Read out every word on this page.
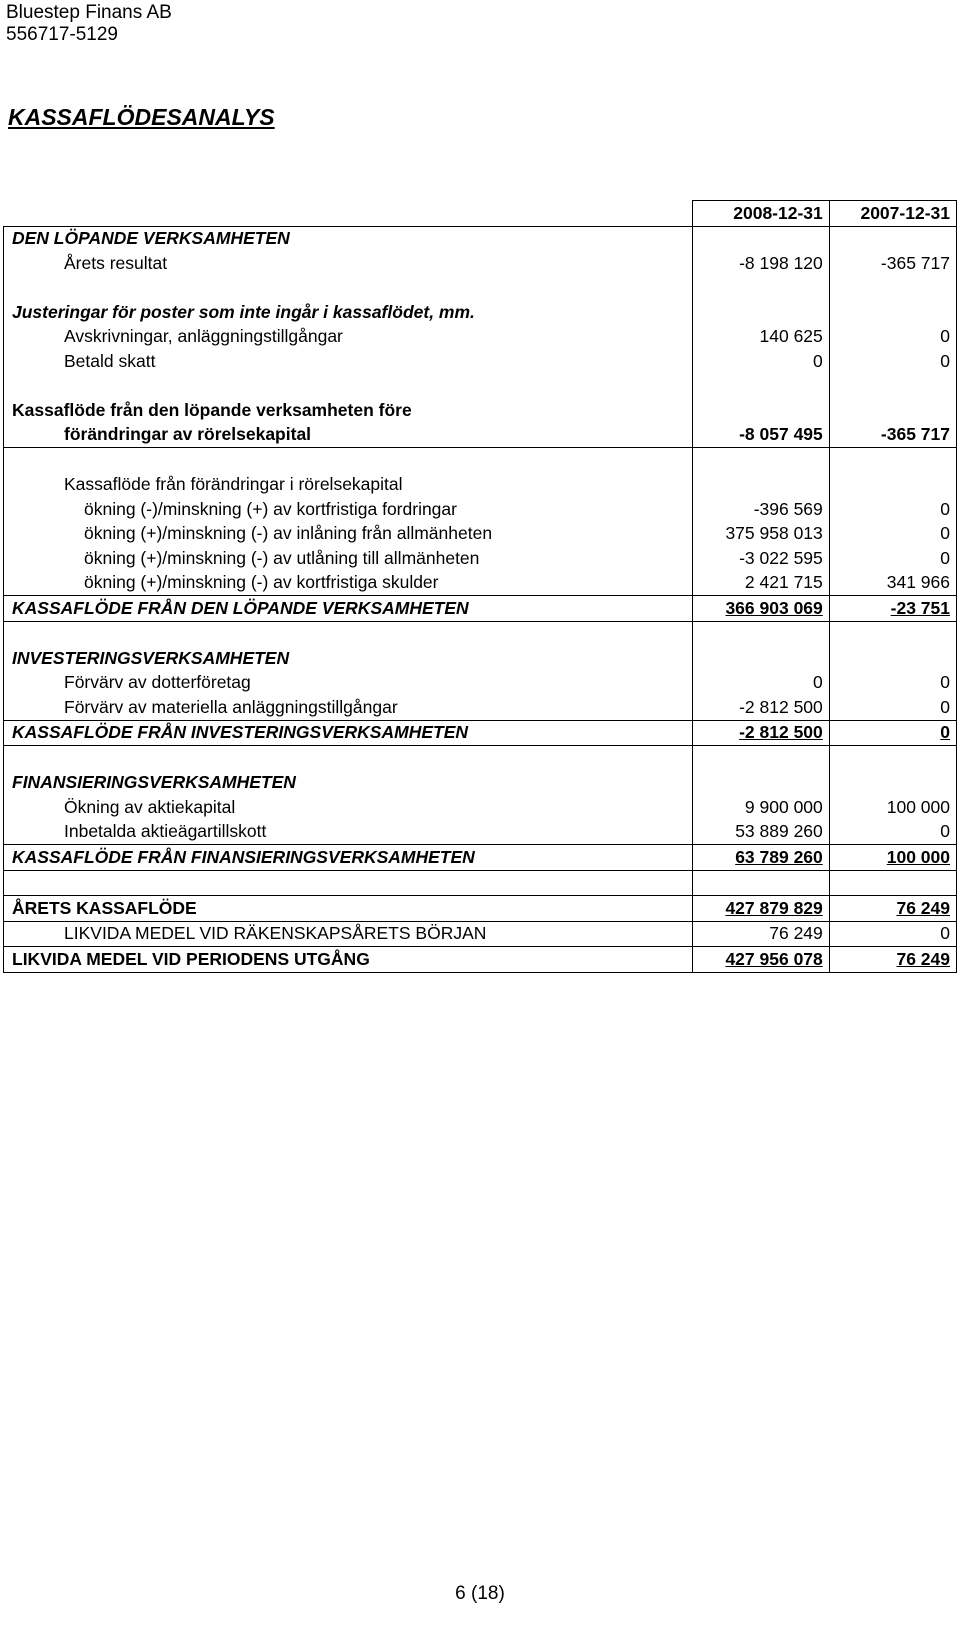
Bluestep Finans AB
556717-5129
KASSAFLÖDESANALYS
	2008-12-31	2007-12-31
DEN LÖPANDE VERKSAMHETEN		
Årets resultat	-8 198 120	-365 717

Justeringar för poster som inte ingår i kassaflödet, mm.		
Avskrivningar, anläggningstillgångar	140 625	0
Betald skatt	0	0

Kassaflöde från den löpande verksamheten före		
förändringar av rörelsekapital	-8 057 495	-365 717

Kassaflöde från förändringar i rörelsekapital		
ökning (-)/minskning (+) av kortfristiga fordringar	-396 569	0
ökning (+)/minskning (-) av inlåning från allmänheten	375 958 013	0
ökning (+)/minskning (-) av utlåning till allmänheten	-3 022 595	0
ökning (+)/minskning (-) av kortfristiga skulder	2 421 715	341 966
KASSAFLÖDE FRÅN DEN LÖPANDE VERKSAMHETEN	366 903 069	-23 751

INVESTERINGSVERKSAMHETEN		
Förvärv av dotterföretag	0	0
Förvärv av materiella anläggningstillgångar	-2 812 500	0
KASSAFLÖDE FRÅN INVESTERINGSVERKSAMHETEN	-2 812 500	0

FINANSIERINGSVERKSAMHETEN		
Ökning av aktiekapital	9 900 000	100 000
Inbetalda aktieägartillskott	53 889 260	0
KASSAFLÖDE FRÅN FINANSIERINGSVERKSAMHETEN	63 789 260	100 000

ÅRETS KASSAFLÖDE	427 879 829	76 249
LIKVIDA MEDEL VID RÄKENSKAPSÅRETS BÖRJAN	76 249	0
LIKVIDA MEDEL VID PERIODENS UTGÅNG	427 956 078	76 249
6 (18)
